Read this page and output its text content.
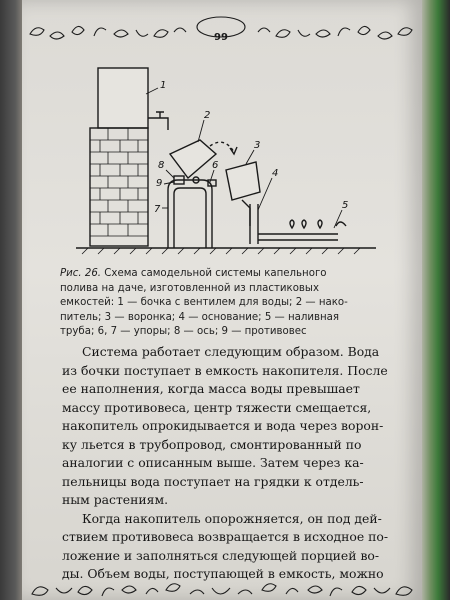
99
1
2
3
4
5
6
7
8
9
Рис. 26. Схема самодельной системы капельного
полива на даче, изготовленной из пластиковых
емкостей: 1 — бочка с вентилем для воды; 2 — нако-
питель; 3 — воронка; 4 — основание; 5 — наливная
труба; 6, 7 — упоры; 8 — ось; 9 — противовес
Система работает следующим образом. Вода
из бочки поступает в емкость накопителя. После
ее наполнения, когда масса воды превышает
массу противовеса, центр тяжести смещается,
накопитель опрокидывается и вода через ворон-
ку льется в трубопровод, смонтированный по
аналогии с описанным выше. Затем через ка-
пельницы вода поступает на грядки к отдель-
ным растениям.
Когда накопитель опорожняется, он под дей-
ствием противовеса возвращается в исходное по-
ложение и заполняться следующей порцией во-
ды. Объем воды, поступающей в емкость, можно
